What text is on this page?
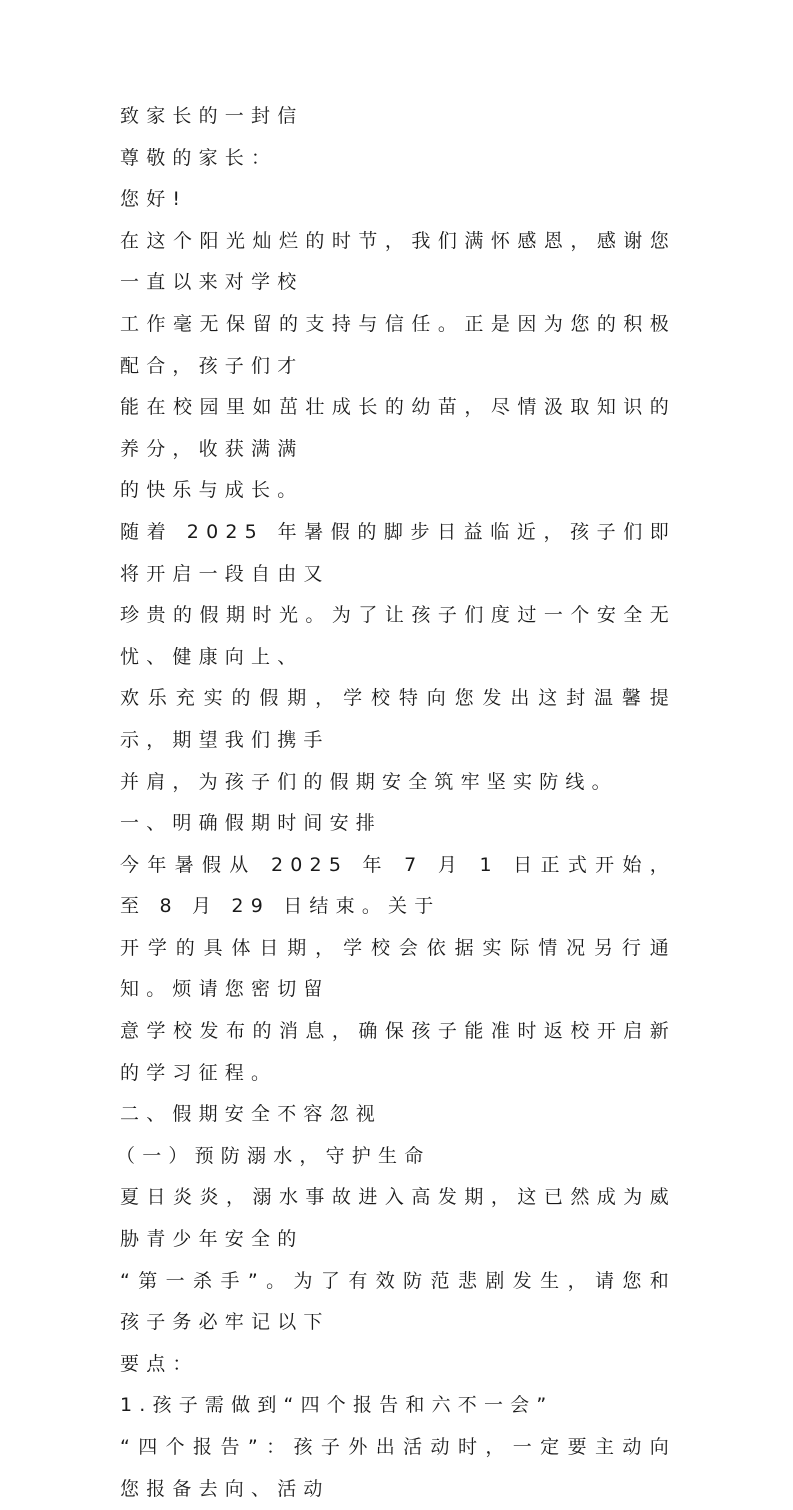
致家长的一封信

尊敬的家长：

您好!

在这个阳光灿烂的时节，我们满怀感恩，感谢您一直以来对学校

工作毫无保留的支持与信任。正是因为您的积极配合，孩子们才

能在校园里如茁壮成长的幼苗，尽情汲取知识的养分，收获满满

的快乐与成长。

随着 2025 年暑假的脚步日益临近，孩子们即将开启一段自由又

珍贵的假期时光。为了让孩子们度过一个安全无忧、健康向上、

欢乐充实的假期，学校特向您发出这封温馨提示，期望我们携手

并肩，为孩子们的假期安全筑牢坚实防线。

一、明确假期时间安排

今年暑假从 2025 年 7 月 1 日正式开始，至 8 月 29 日结束。关于

开学的具体日期，学校会依据实际情况另行通知。烦请您密切留

意学校发布的消息，确保孩子能准时返校开启新的学习征程。

二、假期安全不容忽视

（一）预防溺水，守护生命

夏日炎炎，溺水事故进入高发期，这已然成为威胁青少年安全的

“第一杀手”。为了有效防范悲剧发生，请您和孩子务必牢记以下

要点：

1.孩子需做到“四个报告和六不一会”

“四个报告”：孩子外出活动时，一定要主动向您报备去向、活动
